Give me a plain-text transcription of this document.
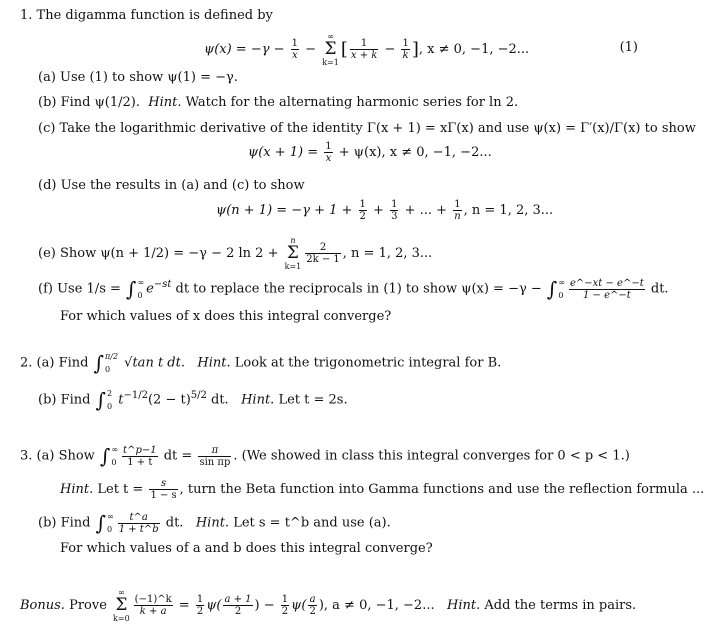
1. The digamma function is defined by
$\psi(x) = -\gamma - \frac{1}{x}$ −
∞
Σ
k=1
[ $\frac{1}{x + k} - \frac{1}{k}$ ], x ≠ 0, −1, −2...	(1)
(a) Use (1) to show ψ(1) = −γ.
(b) Find ψ(1/2). Hint. Watch for the alternating harmonic series for ln 2.
(c) Take the logarithmic derivative of the identity Γ(x + 1) = xΓ(x) and use ψ(x) = Γ′(x)/Γ(x) to show
$\psi(x + 1) = \frac{1}{x} + \psi(x)$, x ≠ 0, −1, −2...
(d) Use the results in (a) and (c) to show
$\psi(n + 1) = -\gamma + 1 + \frac{1}{2} + \frac{1}{3}$ + ... + $\frac{1}{n}$ , n = 1, 2, 3...
(e) Show ψ(n + 1/2) = −γ − 2 ln 2 +
n
Σ
k=1
$\frac{2}{2k - 1}$ , n = 1, 2, 3...
(f) Use 1/s = ∫ ∞
0 $e^{-st}$ dt to replace the reciprocals in (1) to show ψ(x) = −γ − ∫ ∞
$0 \frac{e\^{}-xt - e\^{}-t}{1 - e\^{}-t}$ dt.
For which values of x does this integral converge?
2. (a) Find ∫ π/2
0 √tan t dt. Hint. Look at the trigonometric integral for B.
(b) Find ∫ 2
0 $t^{-1/2}(2 - t)^{5/2}$ dt. Hint. Let t = 2s.
3. (a) Show ∫ ∞
$0 \frac{t\^{}p-1}{1 + t}$ dt = $\frac{\pi}{\text{sin πp}}$ . (We showed in class this integral converges for 0 < p < 1.)
Hint. Let $t = \frac{s}{1 - s}$ , turn the Beta function into Gamma functions and use the reflection formula ...
(b) Find ∫ ∞
$0 \frac{t\^{}a}{1 + t\^{}b}$ dt. Hint. Let s = t^b and use (a).
For which values of a and b does this integral converge?
Bonus. Prove
∞
Σ
k=0
$\frac{(-1)\^{}k}{k + a} = \frac{1}{2} \psi( \frac{a + 1}{2}$ ) − $\frac{1}{2} \psi( \frac{a}{2}$ ), a ≠ 0, −1, −2... Hint. Add the terms in pairs.
